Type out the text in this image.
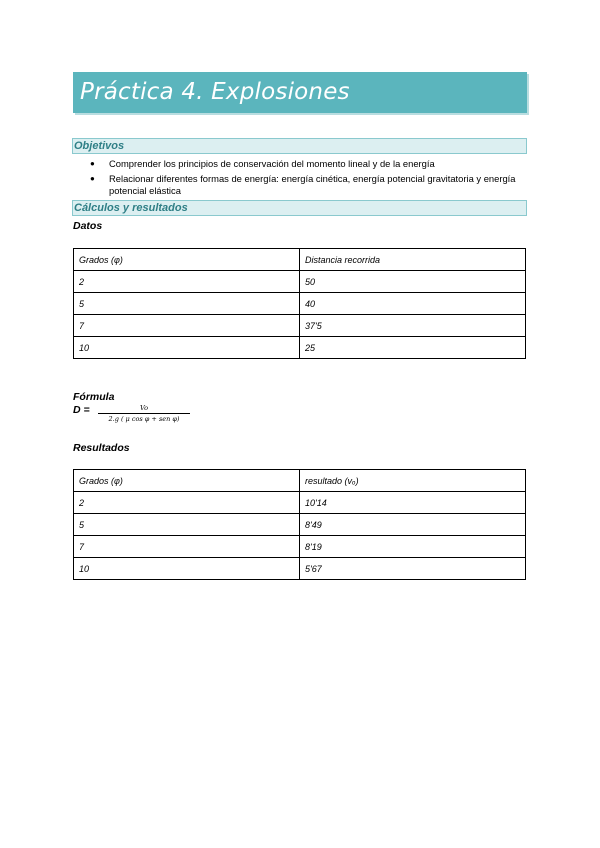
Práctica 4. Explosiones
Objetivos
● Comprender los principios de conservación del momento lineal y de la energía
● Relacionar diferentes formas de energía: energía cinética, energía potencial gravitatoria y energía potencial elástica
Cálculos y resultados
Datos
Grados (φ)	Distancia recorrida
2	50
5	40
7	37'5
10	25
Fórmula
D =	Vo
2.g ( μ cos φ + sen φ)
Resultados
Grados (φ)	resultado (vₒ)
2	10'14
5	8'49
7	8'19
10	5'67
